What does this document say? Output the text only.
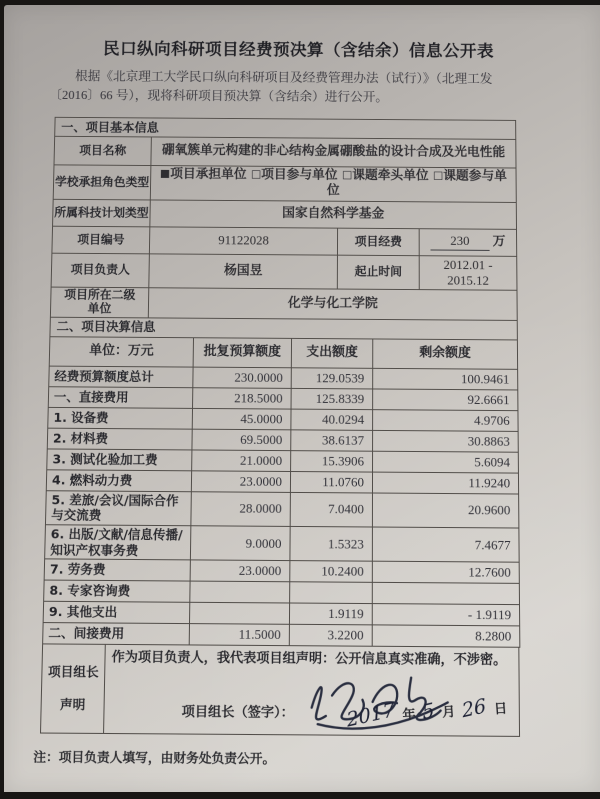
民口纵向科研项目经费预决算（含结余）信息公开表
根据《北京理工大学民口纵向科研项目及经费管理办法（试行）》（北理工发〔2016〕66 号），现将科研项目预决算（含结余）进行公开。
一、项目基本信息			
项目名称	硼氧簇单元构建的非心结构金属硼酸盐的设计合成及光电性能		
学校承担角色类型	■项目承担单位 □项目参与单位 □课题牵头单位 □课题参与单位		
所属科技计划类型	国家自然科学基金		
项目编号	91122028	项目经费	230 万
项目负责人	杨国昱	起止时间	2012.01 - 2015.12
项目所在二级单位	化学与化工学院		
二、项目决算信息			
单位：万元	批复预算额度	支出额度	剩余额度
经费预算额度总计	230.0000	129.0539	100.9461
一、直接费用	218.5000	125.8339	92.6661
1. 设备费	45.0000	40.0294	4.9706
2. 材料费	69.5000	38.6137	30.8863
3. 测试化验加工费	21.0000	15.3906	5.6094
4. 燃料动力费	23.0000	11.0760	11.9240
5. 差旅/会议/国际合作与交流费	28.0000	7.0400	20.9600
6. 出版/文献/信息传播/知识产权事务费	9.0000	1.5323	7.4677
7. 劳务费	23.0000	10.2400	12.7600
8. 专家咨询费			
9. 其他支出		1.9119	- 1.9119
二、间接费用	11.5000	3.2200	8.2800
项目组长
声明

作为项目负责人，我代表项目组声明：公开信息真实准确，不涉密。
项目组长（签字）：	2017 年 5 月 26 日
注：项目负责人填写，由财务处负责公开。
